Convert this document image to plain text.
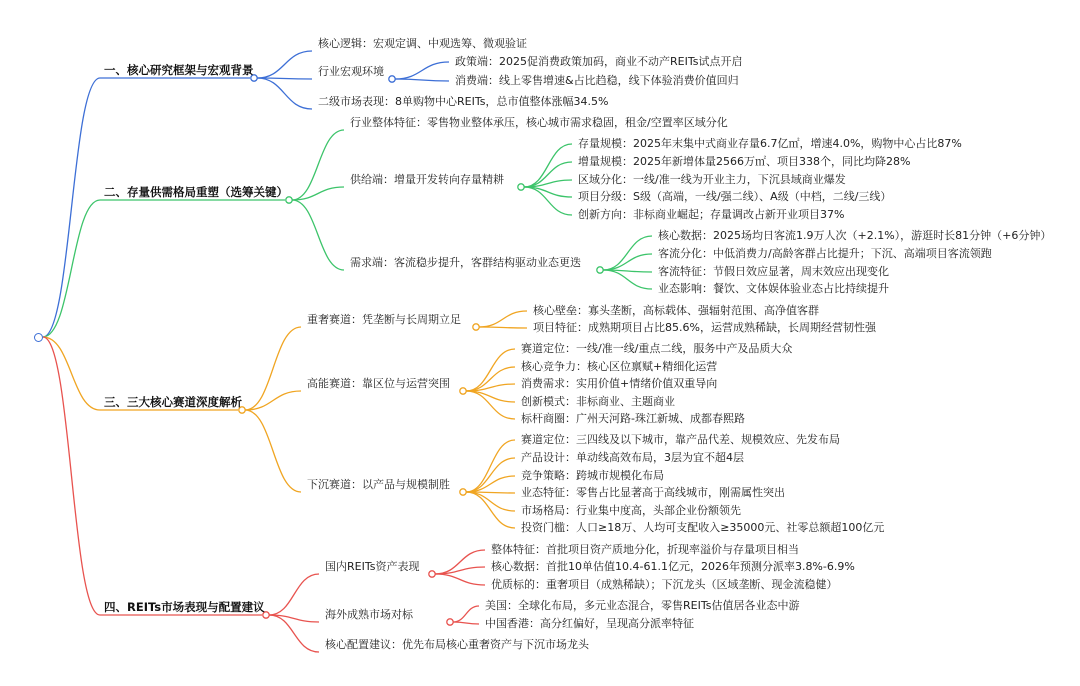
一、核心研究框架与宏观背景
核心逻辑：宏观定调、中观选筹、微观验证
行业宏观环境
政策端：2025促消费政策加码，商业不动产REITs试点开启
消费端：线上零售增速&占比趋稳，线下体验消费价值回归
二级市场表现：8单购物中心REITs，总市值整体涨幅34.5%
二、存量供需格局重塑（选筹关键）
行业整体特征：零售物业整体承压，核心城市需求稳固，租金/空置率区域分化
供给端：增量开发转向存量精耕
存量规模：2025年末集中式商业存量6.7亿㎡，增速4.0%，购物中心占比87%
增量规模：2025年新增体量2566万㎡、项目338个，同比均降28%
区域分化：一线/准一线为开业主力，下沉县域商业爆发
项目分级：S级（高端，一线/强二线）、A级（中档，二线/三线）
创新方向：非标商业崛起；存量调改占新开业项目37%
需求端：客流稳步提升，客群结构驱动业态更迭
核心数据：2025场均日客流1.9万人次（+2.1%），游逛时长81分钟（+6分钟）
客流分化：中低消费力/高龄客群占比提升；下沉、高端项目客流领跑
客流特征：节假日效应显著，周末效应出现变化
业态影响：餐饮、文体娱体验业态占比持续提升
三、三大核心赛道深度解析
重奢赛道：凭垄断与长周期立足
核心壁垒：寡头垄断，高标载体、强辐射范围、高净值客群
项目特征：成熟期项目占比85.6%，运营成熟稀缺，长周期经营韧性强
高能赛道：靠区位与运营突围
赛道定位：一线/准一线/重点二线，服务中产及品质大众
核心竞争力：核心区位禀赋+精细化运营
消费需求：实用价值+情绪价值双重导向
创新模式：非标商业、主题商业
标杆商圈：广州天河路-珠江新城、成都春熙路
下沉赛道：以产品与规模制胜
赛道定位：三四线及以下城市，靠产品代差、规模效应、先发布局
产品设计：单动线高效布局，3层为宜不超4层
竞争策略：跨城市规模化布局
业态特征：零售占比显著高于高线城市，刚需属性突出
市场格局：行业集中度高，头部企业份额领先
投资门槛：人口≥18万、人均可支配收入≥35000元、社零总额超100亿元
四、REITs市场表现与配置建议
国内REITs资产表现
整体特征：首批项目资产质地分化，折现率溢价与存量项目相当
核心数据：首批10单估值10.4-61.1亿元，2026年预测分派率3.8%-6.9%
优质标的：重奢项目（成熟稀缺）；下沉龙头（区域垄断、现金流稳健）
海外成熟市场对标
美国：全球化布局，多元业态混合，零售REITs估值居各业态中游
中国香港：高分红偏好，呈现高分派率特征
核心配置建议：优先布局核心重奢资产与下沉市场龙头
